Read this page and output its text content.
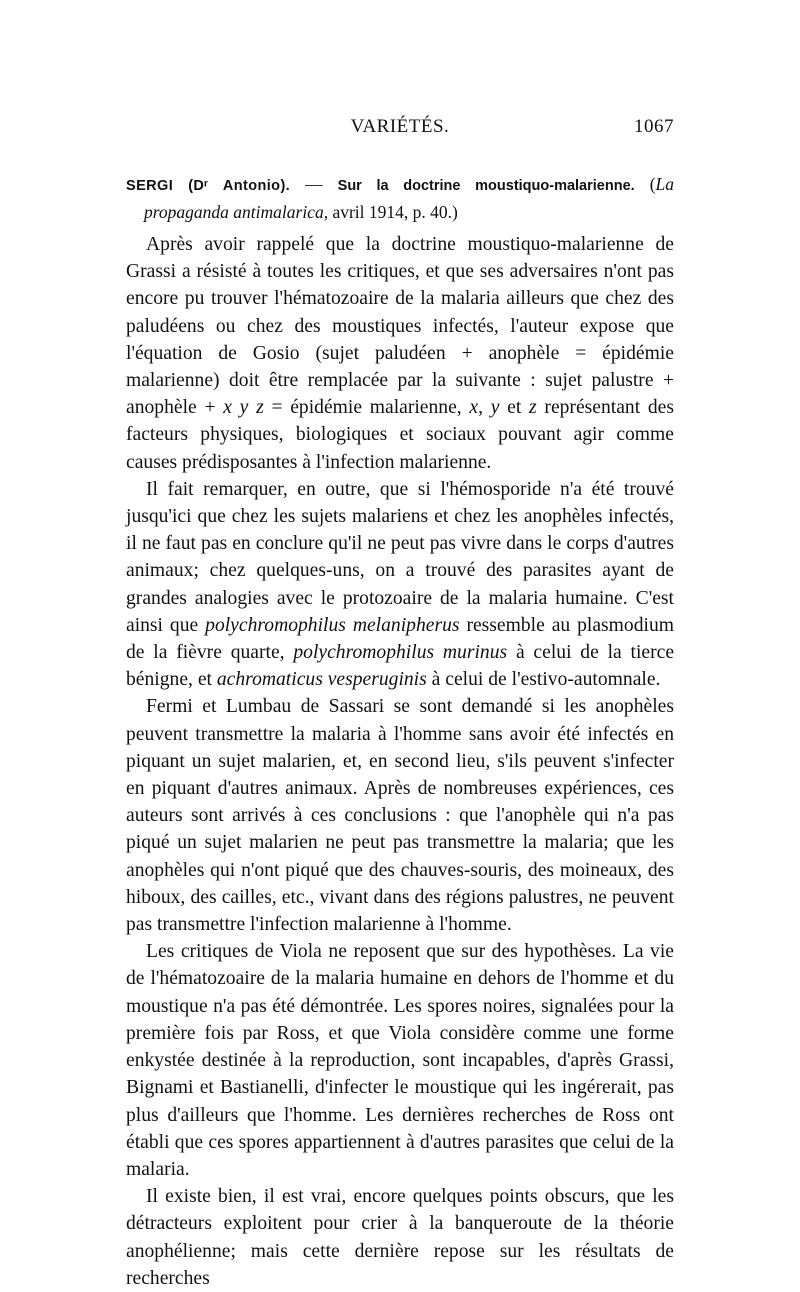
VARIÉTÉS.	1067
SERGI (Dʳ Antonio). — Sur la doctrine moustiquo-malarienne. (La propaganda antimalarica, avril 1914, p. 40.)

Après avoir rappelé que la doctrine moustiquo-malarienne de Grassi a résisté à toutes les critiques, et que ses adversaires n'ont pas encore pu trouver l'hématozoaire de la malaria ailleurs que chez des paludéens ou chez des moustiques infectés, l'auteur expose que l'équation de Gosio (sujet paludéen + anophèle = épidémie malarienne) doit être remplacée par la suivante : sujet palustre + anophèle + x y z = épidémie malarienne, x, y et z représentant des facteurs physiques, biologiques et sociaux pouvant agir comme causes prédisposantes à l'infection malarienne.

Il fait remarquer, en outre, que si l'hémosporide n'a été trouvé jusqu'ici que chez les sujets malariens et chez les anophèles infectés, il ne faut pas en conclure qu'il ne peut pas vivre dans le corps d'autres animaux; chez quelques-uns, on a trouvé des parasites ayant de grandes analogies avec le protozoaire de la malaria humaine. C'est ainsi que polychromophilus melanipherus ressemble au plasmodium de la fièvre quarte, polychromophilus murinus à celui de la tierce bénigne, et achromaticus vesperuginis à celui de l'estivo-automnale.

Fermi et Lumbau de Sassari se sont demandé si les anophèles peuvent transmettre la malaria à l'homme sans avoir été infectés en piquant un sujet malarien, et, en second lieu, s'ils peuvent s'infecter en piquant d'autres animaux. Après de nombreuses expériences, ces auteurs sont arrivés à ces conclusions : que l'anophèle qui n'a pas piqué un sujet malarien ne peut pas transmettre la malaria; que les anophèles qui n'ont piqué que des chauves-souris, des moineaux, des hiboux, des cailles, etc., vivant dans des régions palustres, ne peuvent pas transmettre l'infection malarienne à l'homme.

Les critiques de Viola ne reposent que sur des hypothèses. La vie de l'hématozoaire de la malaria humaine en dehors de l'homme et du moustique n'a pas été démontrée. Les spores noires, signalées pour la première fois par Ross, et que Viola considère comme une forme enkystée destinée à la reproduction, sont incapables, d'après Grassi, Bignami et Bastianelli, d'infecter le moustique qui les ingérerait, pas plus d'ailleurs que l'homme. Les dernières recherches de Ross ont établi que ces spores appartiennent à d'autres parasites que celui de la malaria.

Il existe bien, il est vrai, encore quelques points obscurs, que les détracteurs exploitent pour crier à la banqueroute de la théorie anophélienne; mais cette dernière repose sur les résultats de recherches
